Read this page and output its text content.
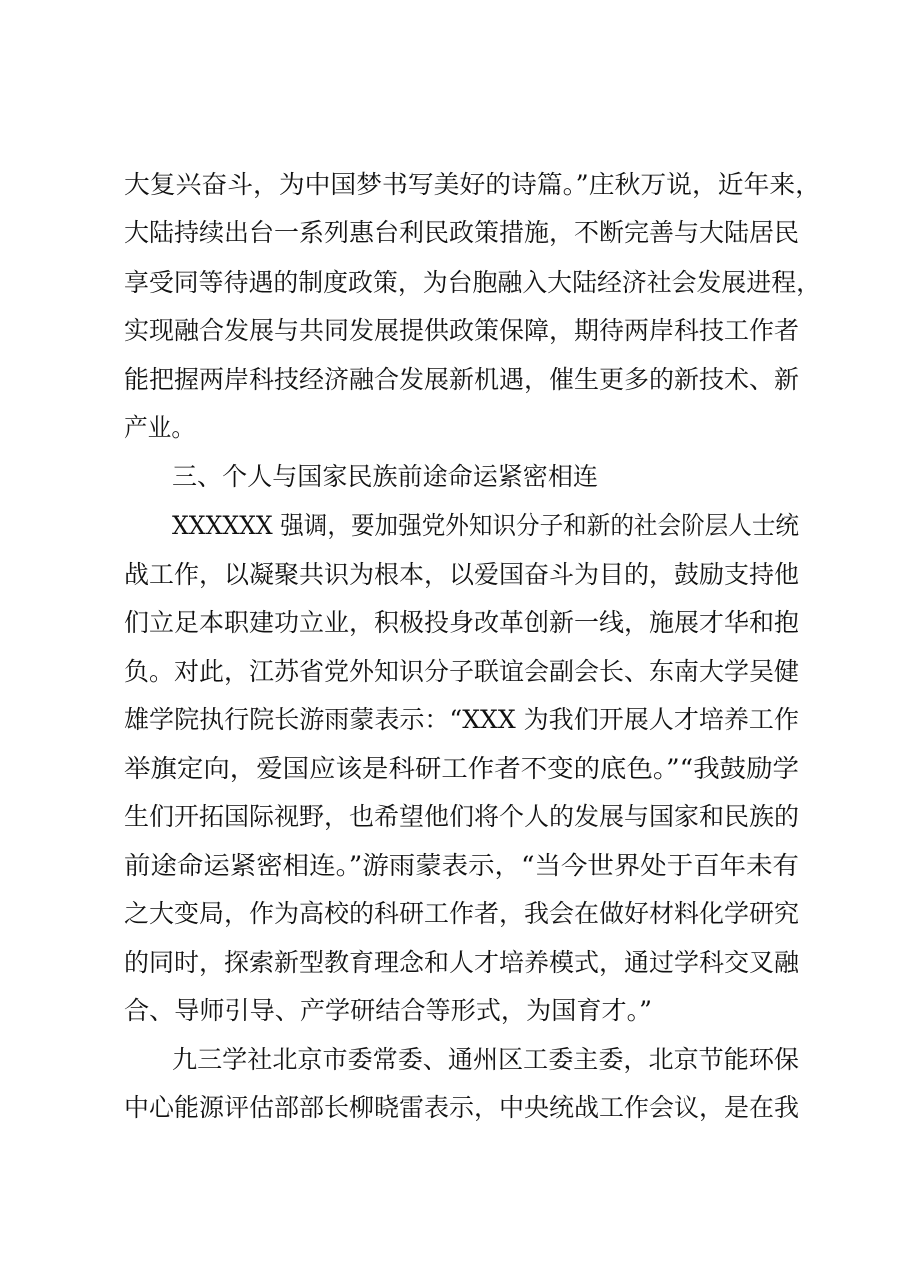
大复兴奋斗，为中国梦书写美好的诗篇。”庄秋万说，近年来，
大陆持续出台一系列惠台利民政策措施，不断完善与大陆居民
享受同等待遇的制度政策，为台胞融入大陆经济社会发展进程，
实现融合发展与共同发展提供政策保障，期待两岸科技工作者
能把握两岸科技经济融合发展新机遇，催生更多的新技术、新
产业。
三、个人与国家民族前途命运紧密相连
XXXXXX 强调，要加强党外知识分子和新的社会阶层人士统
战工作，以凝聚共识为根本，以爱国奋斗为目的，鼓励支持他
们立足本职建功立业，积极投身改革创新一线，施展才华和抱
负。对此，江苏省党外知识分子联谊会副会长、东南大学吴健
雄学院执行院长游雨蒙表示：“XXX 为我们开展人才培养工作
举旗定向，爱国应该是科研工作者不变的底色。”“我鼓励学
生们开拓国际视野，也希望他们将个人的发展与国家和民族的
前途命运紧密相连。”游雨蒙表示，“当今世界处于百年未有
之大变局，作为高校的科研工作者，我会在做好材料化学研究
的同时，探索新型教育理念和人才培养模式，通过学科交叉融
合、导师引导、产学研结合等形式，为国育才。”
九三学社北京市委常委、通州区工委主委，北京节能环保
中心能源评估部部长柳晓雷表示，中央统战工作会议，是在我
